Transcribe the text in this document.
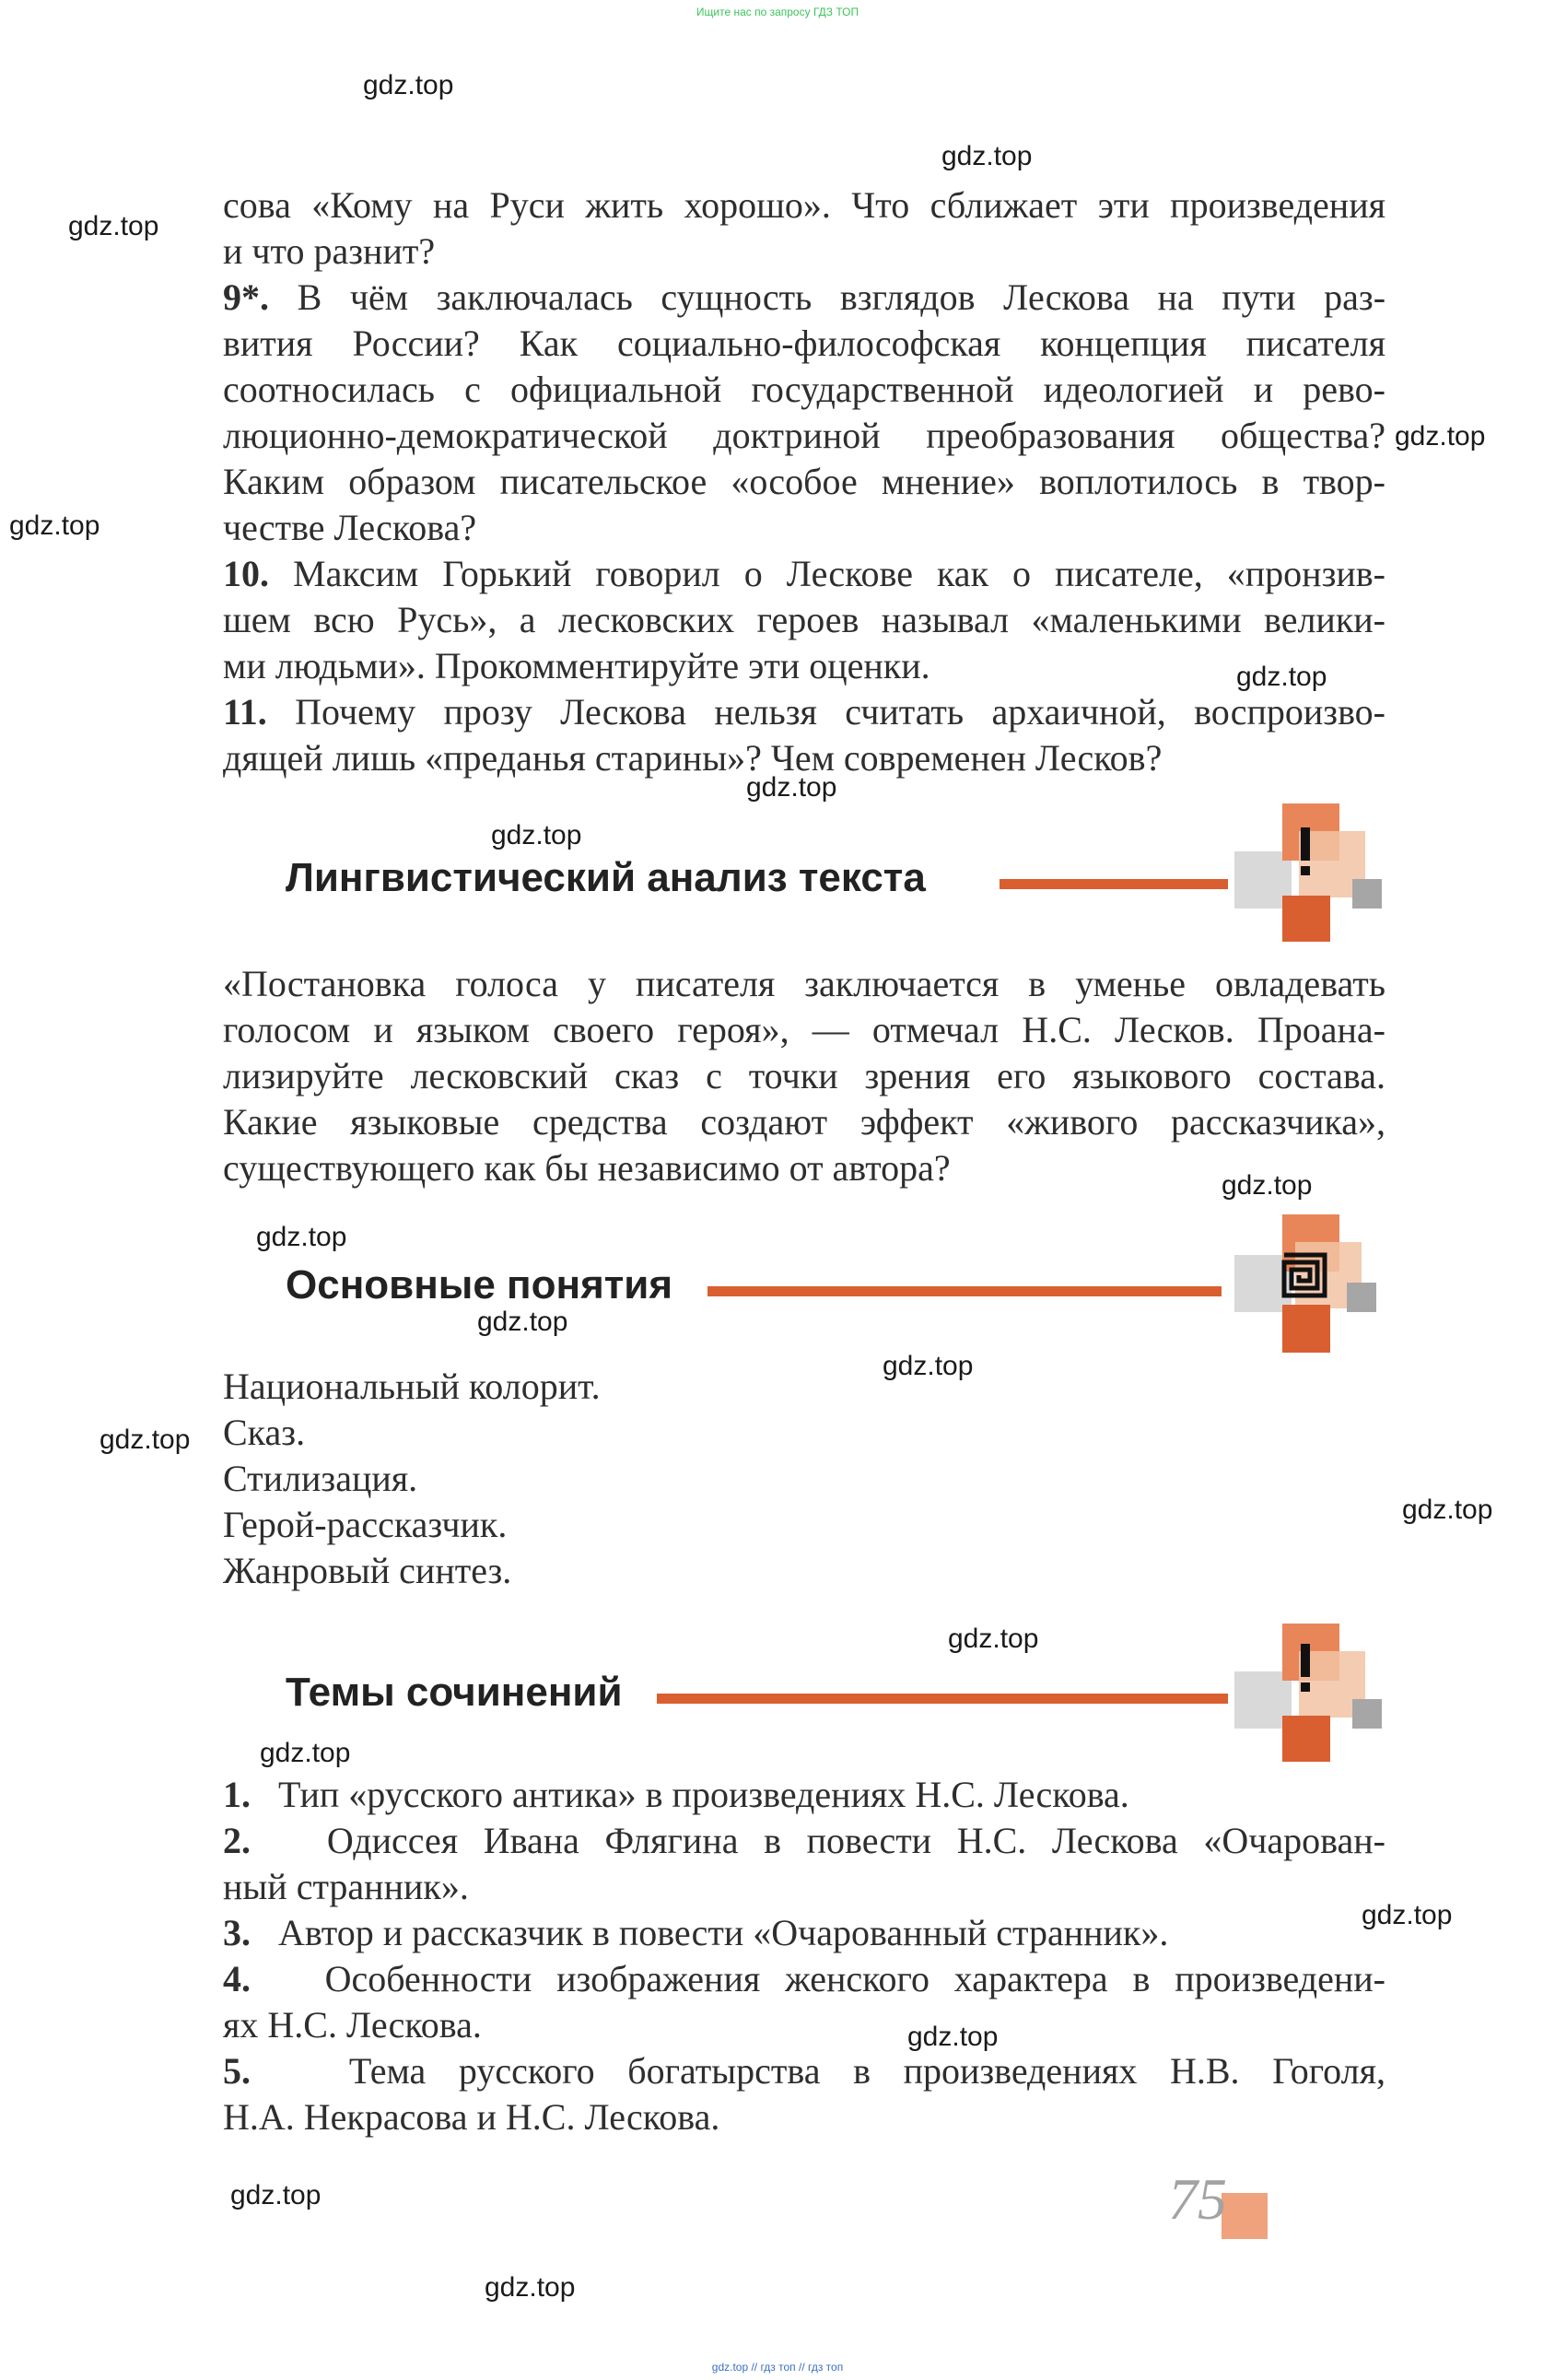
Ищите нас по запросу ГДЗ ТОП
gdz.top // гдз топ // гдз топ
сова «Кому на Руси жить хорошо». Что сближает эти произведения
и что разнит?
9*. В чём заключалась сущность взглядов Лескова на пути раз-
вития России? Как социально-философская концепция писателя
соотносилась с официальной государственной идеологией и рево-
люционно-демократической доктриной преобразования общества?
Каким образом писательское «особое мнение» воплотилось в твор-
честве Лескова?
10. Максим Горький говорил о Лескове как о писателе, «пронзив-
шем всю Русь», а лесковских героев называл «маленькими велики-
ми людьми». Прокомментируйте эти оценки.
11. Почему прозу Лескова нельзя считать архаичной, воспроизво-
дящей лишь «преданья старины»? Чем современен Лесков?
Лингвистический анализ текста
«Постановка голоса у писателя заключается в уменье овладевать
голосом и языком своего героя», — отмечал Н.С. Лесков. Проана-
лизируйте лесковский сказ с точки зрения его языкового состава.
Какие языковые средства создают эффект «живого рассказчика»,
существующего как бы независимо от автора?
Основные понятия
Национальный колорит.
Сказ.
Стилизация.
Герой-рассказчик.
Жанровый синтез.
Темы сочинений
1. Тип «русского антика» в произведениях Н.С. Лескова.
2. Одиссея Ивана Флягина в повести Н.С. Лескова «Очарован-
ный странник».
3. Автор и рассказчик в повести «Очарованный странник».
4. Особенности изображения женского характера в произведени-
ях Н.С. Лескова.
5.	Тема русского богатырства в произведениях Н.В. Гоголя,
Н.А. Некрасова и Н.С. Лескова.
75
gdz.top
gdz.top
gdz.top
gdz.top
gdz.top
gdz.top
gdz.top
gdz.top
gdz.top
gdz.top
gdz.top
gdz.top
gdz.top
gdz.top
gdz.top
gdz.top
gdz.top
gdz.top
gdz.top
gdz.top
